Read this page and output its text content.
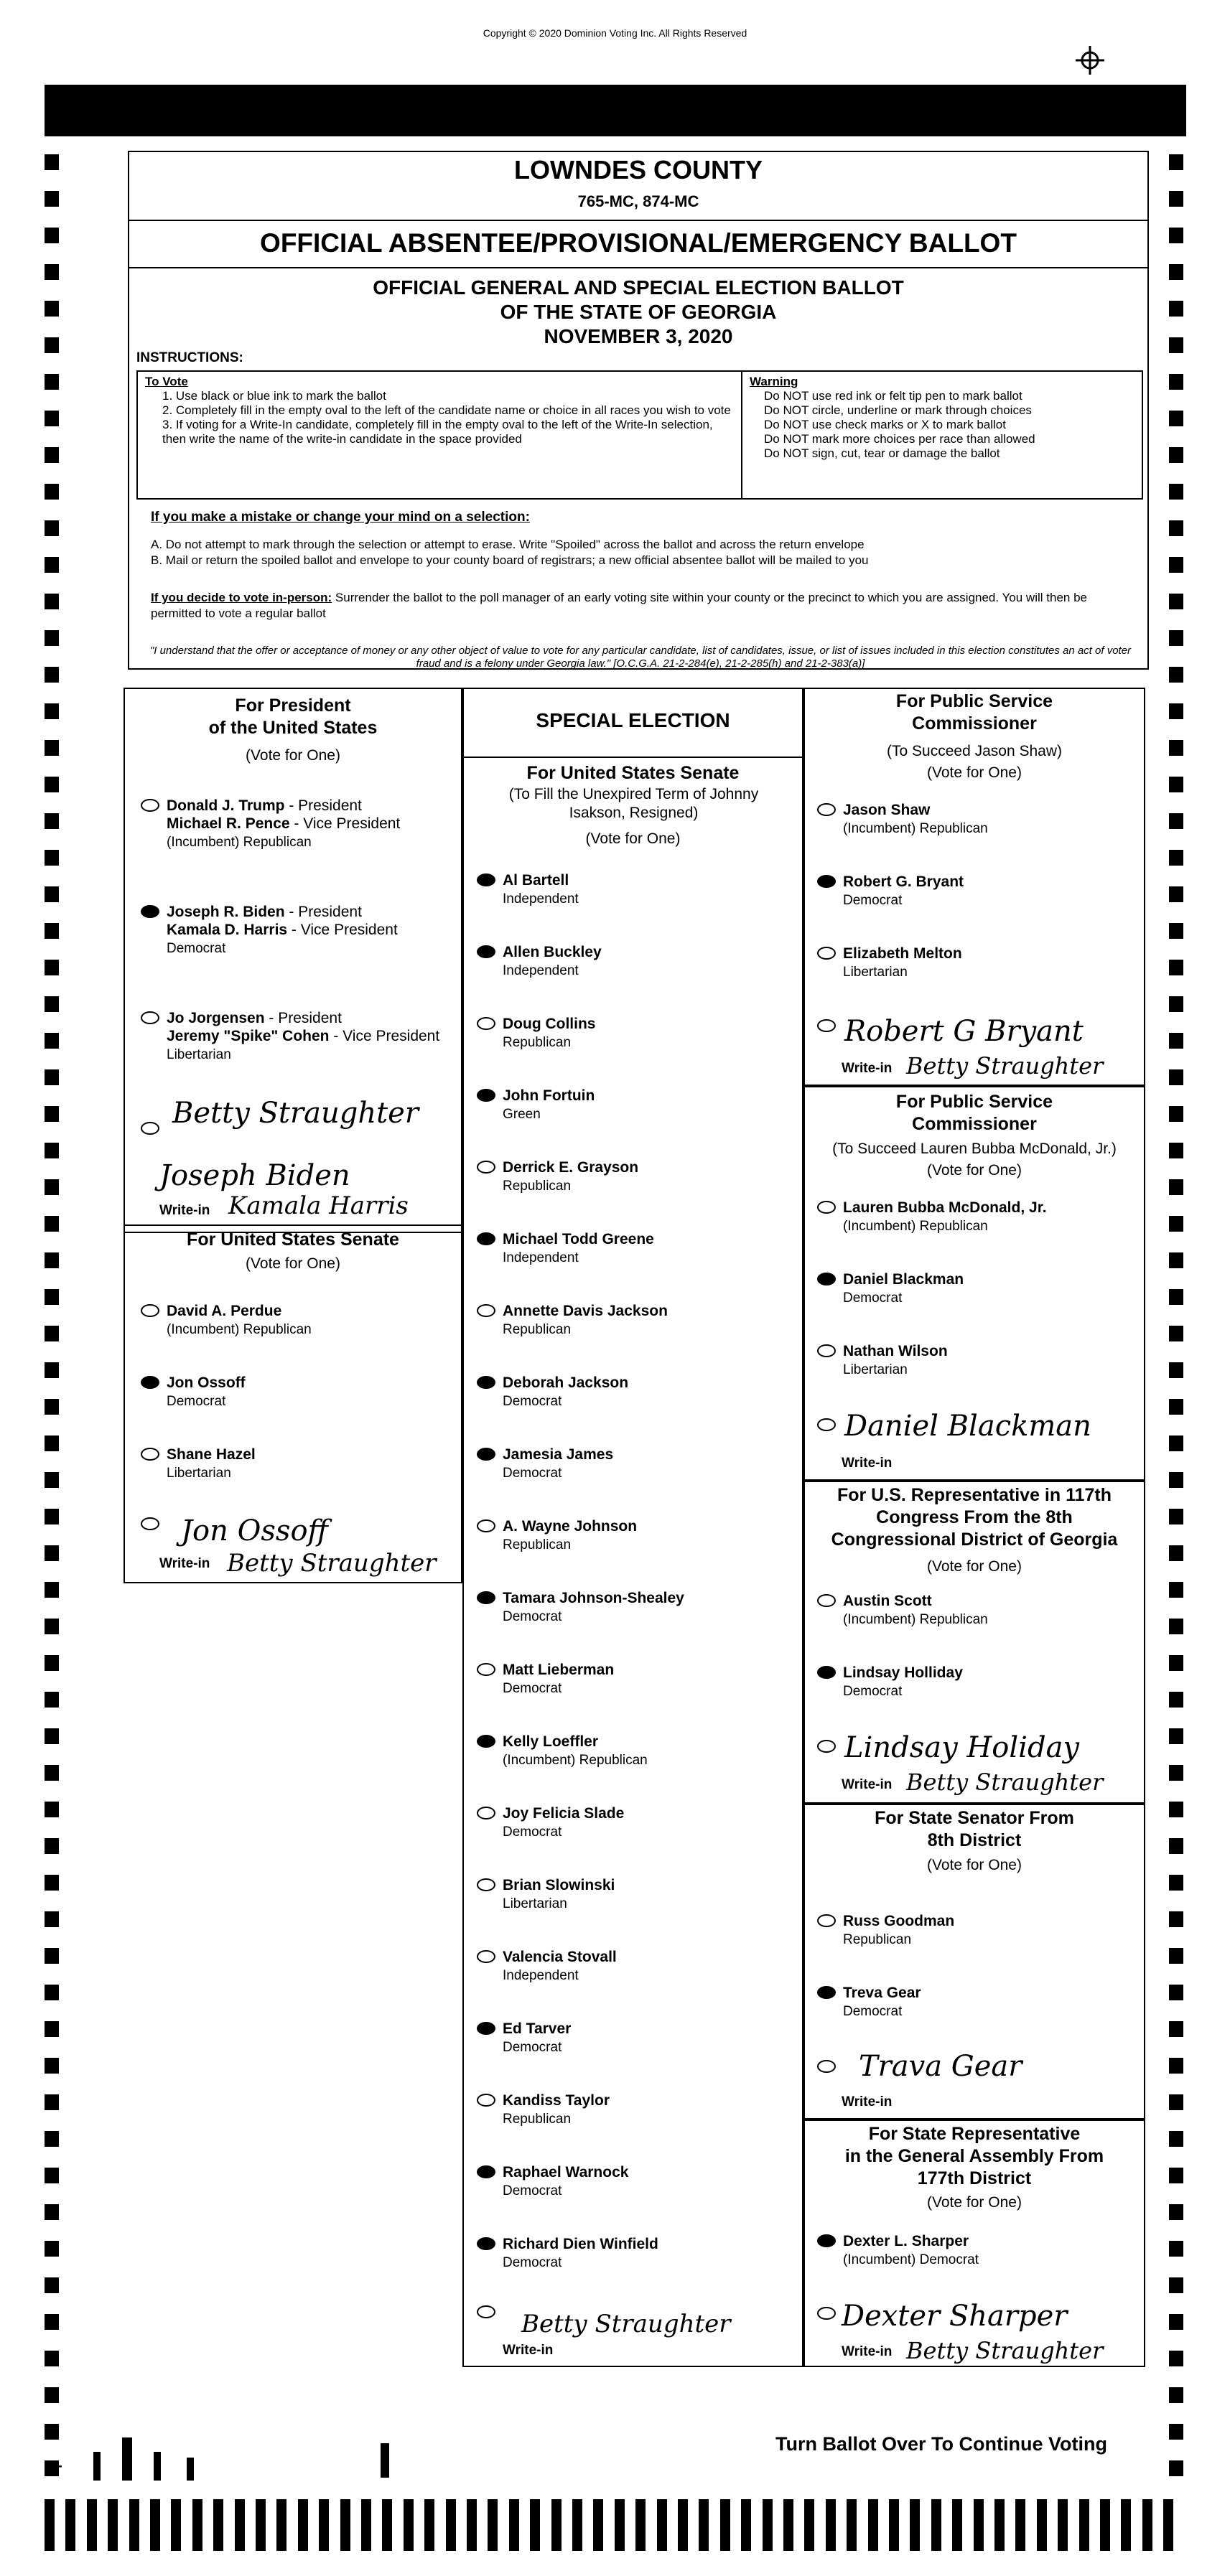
Copyright © 2020 Dominion Voting Inc. All Rights Reserved
LOWNDES COUNTY
765-MC, 874-MC
OFFICIAL ABSENTEE/PROVISIONAL/EMERGENCY BALLOT
OFFICIAL GENERAL AND SPECIAL ELECTION BALLOT
OF THE STATE OF GEORGIA
NOVEMBER 3, 2020
INSTRUCTIONS:
To Vote
1. Use black or blue ink to mark the ballot
2. Completely fill in the empty oval to the left of the candidate name or choice in all races you wish to vote
3. If voting for a Write-In candidate, completely fill in the empty oval to the left of the Write-In selection, then write the name of the write-in candidate in the space provided
Warning
Do NOT use red ink or felt tip pen to mark ballot
Do NOT circle, underline or mark through choices
Do NOT use check marks or X to mark ballot
Do NOT mark more choices per race than allowed
Do NOT sign, cut, tear or damage the ballot
If you make a mistake or change your mind on a selection:
A. Do not attempt to mark through the selection or attempt to erase. Write "Spoiled" across the ballot and across the return envelope
B. Mail or return the spoiled ballot and envelope to your county board of registrars; a new official absentee ballot will be mailed to you
If you decide to vote in-person: Surrender the ballot to the poll manager of an early voting site within your county or the precinct to which you are assigned. You will then be permitted to vote a regular ballot
"I understand that the offer or acceptance of money or any other object of value to vote for any particular candidate, list of candidates, issue, or list of issues included in this election constitutes an act of voter fraud and is a felony under Georgia law." [O.C.G.A. 21-2-284(e), 21-2-285(h) and 21-2-383(a)]
For President
of the United States
(Vote for One)
Donald J. Trump - President
Michael R. Pence - Vice President
(Incumbent) Republican
Joseph R. Biden - President
Kamala D. Harris - Vice President
Democrat
Jo Jorgensen - President
Jeremy "Spike" Cohen - Vice President
Libertarian
Betty Straughter
Joseph Biden
Write-in Kamala Harris
For United States Senate
(Vote for One)
David A. Perdue
(Incumbent) Republican
Jon Ossoff
Democrat
Shane Hazel
Libertarian
Jon Ossoff
Write-in Betty Straughter
SPECIAL ELECTION
For United States Senate
(To Fill the Unexpired Term of Johnny Isakson, Resigned)
(Vote for One)
Al Bartell
Independent
Allen Buckley
Independent
Doug Collins
Republican
John Fortuin
Green
Derrick E. Grayson
Republican
Michael Todd Greene
Independent
Annette Davis Jackson
Republican
Deborah Jackson
Democrat
Jamesia James
Democrat
A. Wayne Johnson
Republican
Tamara Johnson-Shealey
Democrat
Matt Lieberman
Democrat
Kelly Loeffler
(Incumbent) Republican
Joy Felicia Slade
Democrat
Brian Slowinski
Libertarian
Valencia Stovall
Independent
Ed Tarver
Democrat
Kandiss Taylor
Republican
Raphael Warnock
Democrat
Richard Dien Winfield
Democrat
Write-in
Betty Straughter
For Public Service
Commissioner
(To Succeed Jason Shaw)
(Vote for One)
Jason Shaw
(Incumbent) Republican
Robert G. Bryant
Democrat
Elizabeth Melton
Libertarian
Robert G Bryant
Write-in Betty Straughter
For Public Service
Commissioner
(To Succeed Lauren Bubba McDonald, Jr.)
(Vote for One)
Lauren Bubba McDonald, Jr.
(Incumbent) Republican
Daniel Blackman
Democrat
Nathan Wilson
Libertarian
Daniel Blackman
Write-in
For U.S. Representative in 117th
Congress From the 8th
Congressional District of Georgia
(Vote for One)
Austin Scott
(Incumbent) Republican
Lindsay Holliday
Democrat
Lindsay Holiday
Write-in Betty Straughter
For State Senator From
8th District
(Vote for One)
Russ Goodman
Republican
Treva Gear
Democrat
Trava Gear
Write-in
For State Representative
in the General Assembly From
177th District
(Vote for One)
Dexter L. Sharper
(Incumbent) Democrat
Dexter Sharper
Write-in Betty Straughter
+
Turn Ballot Over To Continue Voting
